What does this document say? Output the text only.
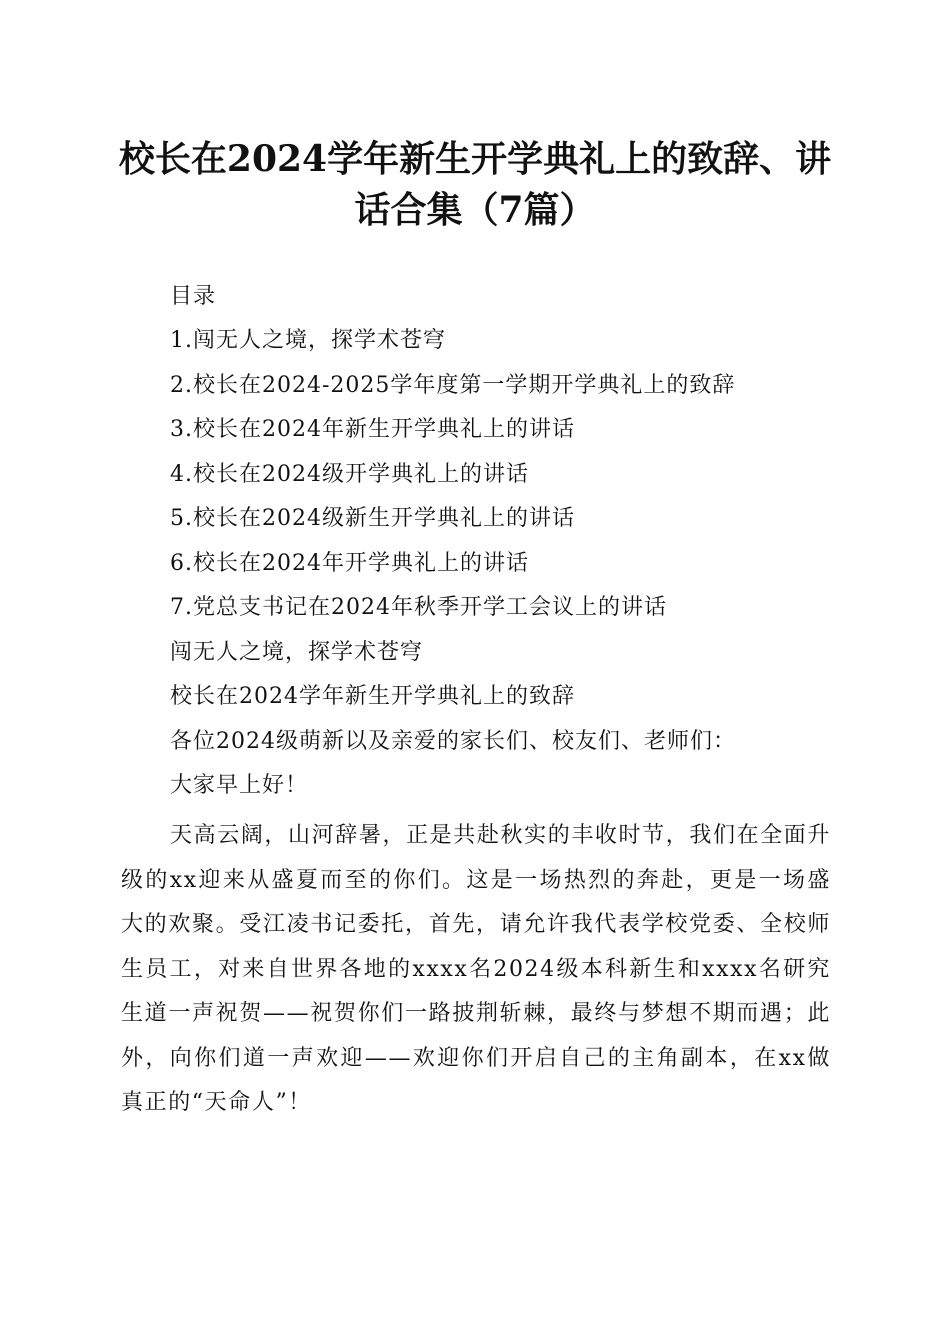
校长在2024学年新生开学典礼上的致辞、讲话合集（7篇）
目录
1.闯无人之境，探学术苍穹
2.校长在2024-2025学年度第一学期开学典礼上的致辞
3.校长在2024年新生开学典礼上的讲话
4.校长在2024级开学典礼上的讲话
5.校长在2024级新生开学典礼上的讲话
6.校长在2024年开学典礼上的讲话
7.党总支书记在2024年秋季开学工会议上的讲话
闯无人之境，探学术苍穹
校长在2024学年新生开学典礼上的致辞
各位2024级萌新以及亲爱的家长们、校友们、老师们：
大家早上好！
天高云阔，山河辞暑，正是共赴秋实的丰收时节，我们在全面升级的xx迎来从盛夏而至的你们。这是一场热烈的奔赴，更是一场盛大的欢聚。受江凌书记委托，首先，请允许我代表学校党委、全校师生员工，对来自世界各地的xxxx名2024级本科新生和xxxx名研究生道一声祝贺——祝贺你们一路披荆斩棘，最终与梦想不期而遇；此外，向你们道一声欢迎——欢迎你们开启自己的主角副本，在xx做真正的“天命人”！
